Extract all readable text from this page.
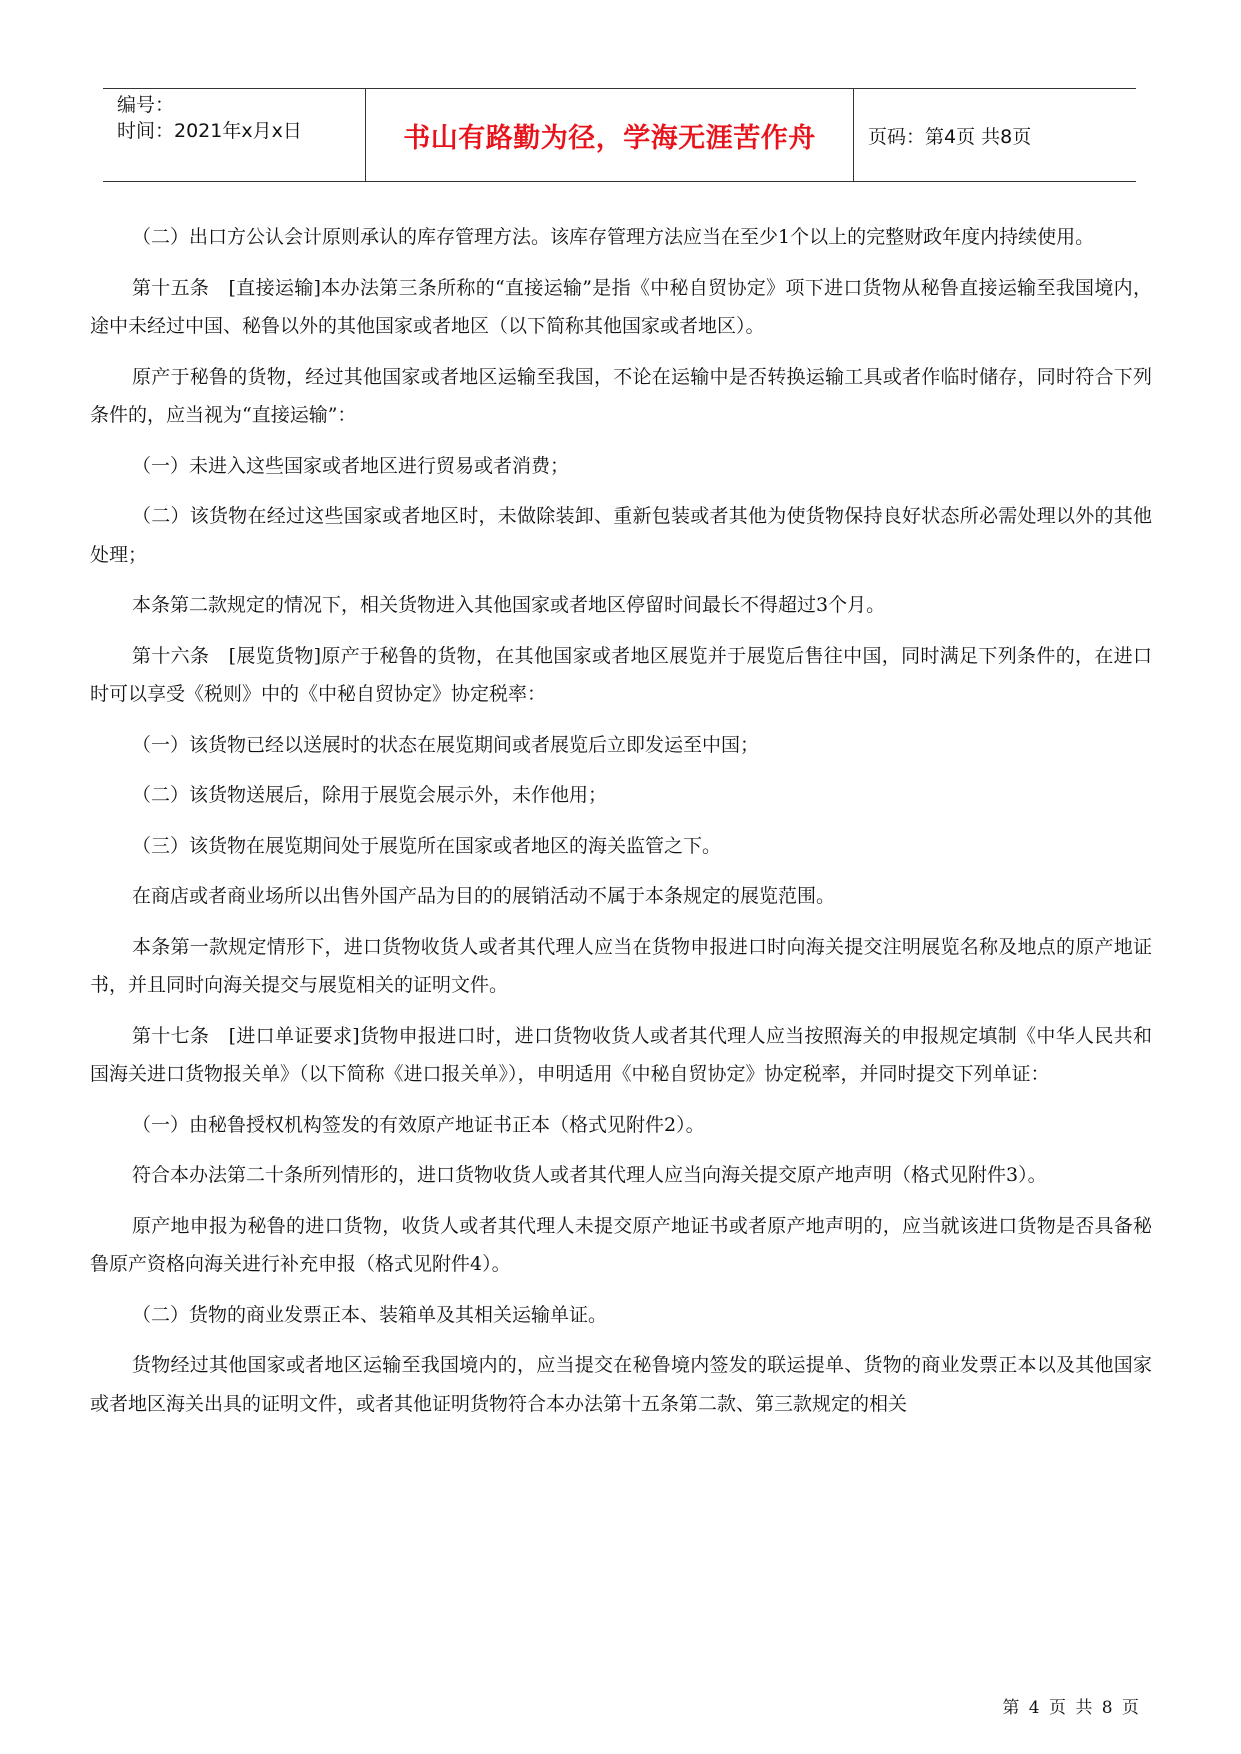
编号：
时间：2021年x月x日	书山有路勤为径，学海无涯苦作舟	页码：第4页 共8页

（二）出口方公认会计原则承认的库存管理方法。该库存管理方法应当在至少1个以上的完整财政年度内持续使用。

第十五条　[直接运输]本办法第三条所称的“直接运输”是指《中秘自贸协定》项下进口货物从秘鲁直接运输至我国境内，途中未经过中国、秘鲁以外的其他国家或者地区（以下简称其他国家或者地区）。

原产于秘鲁的货物，经过其他国家或者地区运输至我国，不论在运输中是否转换运输工具或者作临时储存，同时符合下列条件的，应当视为“直接运输”：

（一）未进入这些国家或者地区进行贸易或者消费；

（二）该货物在经过这些国家或者地区时，未做除装卸、重新包装或者其他为使货物保持良好状态所必需处理以外的其他处理；

本条第二款规定的情况下，相关货物进入其他国家或者地区停留时间最长不得超过3个月。

第十六条　[展览货物]原产于秘鲁的货物，在其他国家或者地区展览并于展览后售往中国，同时满足下列条件的，在进口时可以享受《税则》中的《中秘自贸协定》协定税率：

（一）该货物已经以送展时的状态在展览期间或者展览后立即发运至中国；

（二）该货物送展后，除用于展览会展示外，未作他用；

（三）该货物在展览期间处于展览所在国家或者地区的海关监管之下。

在商店或者商业场所以出售外国产品为目的的展销活动不属于本条规定的展览范围。

本条第一款规定情形下，进口货物收货人或者其代理人应当在货物申报进口时向海关提交注明展览名称及地点的原产地证书，并且同时向海关提交与展览相关的证明文件。

第十七条　[进口单证要求]货物申报进口时，进口货物收货人或者其代理人应当按照海关的申报规定填制《中华人民共和国海关进口货物报关单》（以下简称《进口报关单》），申明适用《中秘自贸协定》协定税率，并同时提交下列单证：

（一）由秘鲁授权机构签发的有效原产地证书正本（格式见附件2）。

符合本办法第二十条所列情形的，进口货物收货人或者其代理人应当向海关提交原产地声明（格式见附件3）。

原产地申报为秘鲁的进口货物，收货人或者其代理人未提交原产地证书或者原产地声明的，应当就该进口货物是否具备秘鲁原产资格向海关进行补充申报（格式见附件4）。

（二）货物的商业发票正本、装箱单及其相关运输单证。

货物经过其他国家或者地区运输至我国境内的，应当提交在秘鲁境内签发的联运提单、货物的商业发票正本以及其他国家或者地区海关出具的证明文件，或者其他证明货物符合本办法第十五条第二款、第三款规定的相关

第 4 页 共 8 页
